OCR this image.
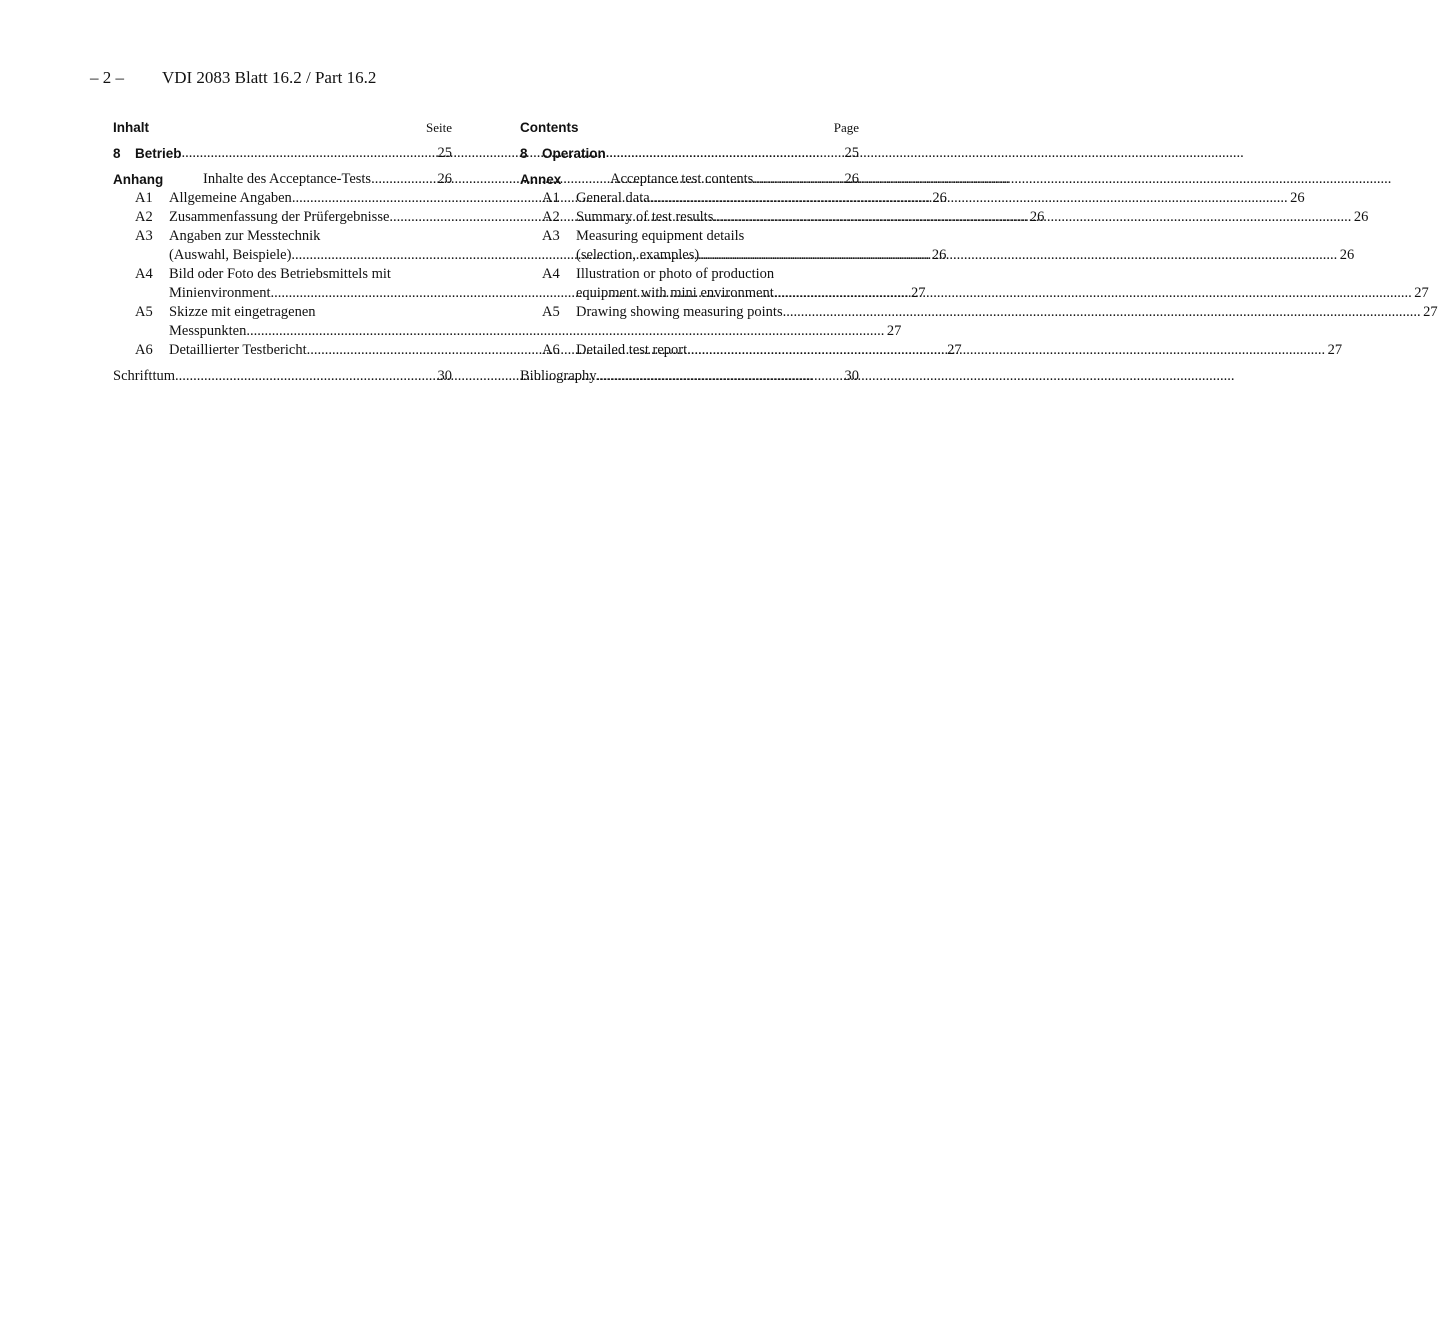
– 2 – VDI 2083 Blatt 16.2 / Part 16.2
Inhalt	Seite
8	Betrieb .....	25
Anhang	Inhalte des Acceptance-Tests .....	26
A1	Allgemeine Angaben .....	26
A2	Zusammenfassung der Prüfergebnisse .....	26
A3	Angaben zur Messtechnik
(Auswahl, Beispiele) .....	26
A4	Bild oder Foto des Betriebsmittels mit
Minienvironment .....	27
A5	Skizze mit eingetragenen
Messpunkten .....	27
A6	Detaillierter Testbericht .....	27
Schrifttum .....	30
Contents	Page
8	Operation .....	25
Annex	Acceptance test contents .....	26
A1	General data .....	26
A2	Summary of test results .....	26
A3	Measuring equipment details
(selection, examples) .....	26
A4	Illustration or photo of production
equipment with mini environment .....	27
A5	Drawing showing measuring points .....	27
A6	Detailed test report .....	27
Bibliography .....	30
